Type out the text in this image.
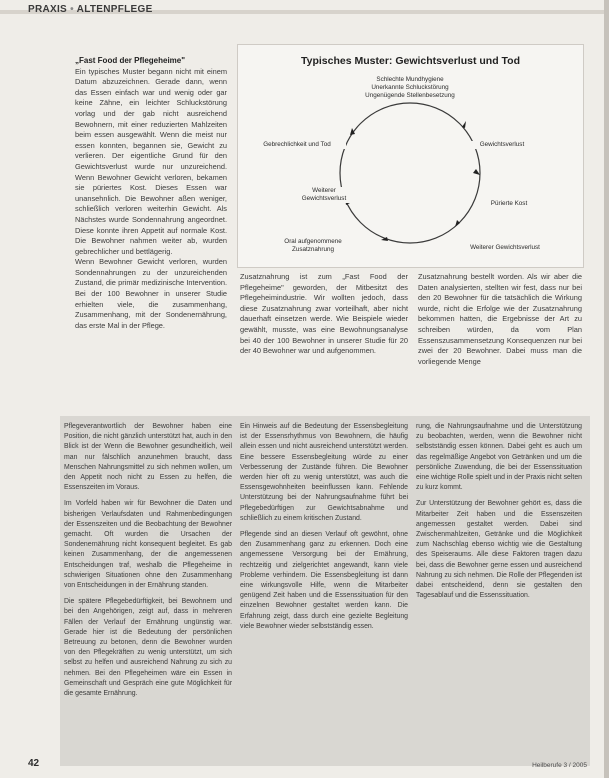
PRAXIS • ALTENPFLEGE

„Fast Food der Pflegeheime"

Ein typisches Muster begann nicht mit einem Datum abzuzeichnen. Gerade dann, wenn das Essen einfach war und wenig oder gar keine Zähne, ein leichter Schluckstörung vorlag und der gab nicht ausreichend Bewohnern, mit einer reduzierten Mahlzeiten beim essen ausgewählt. Wenn die meist nur essen konnten, begannen sie, Gewicht zu verlieren. Der eigentliche Grund für den Gewichtsverlust wurde nur unzureichend. Wenn Bewohner Gewicht verloren, bekamen sie püriertes Kost. Dieses Essen war unansehnlich. Die Bewohner aßen weniger, schließlich verloren weiterhin Gewicht. Als Nächstes wurde Sondennahrung angeordnet. Diese konnte ihren Appetit auf normale Kost. Die Bewohner nahmen weiter ab, wurden gebrechlicher und bettlägerig.

Wenn Bewohner Gewicht verloren, wurden Sondennahrungen zu der unzureichenden Zustand, die primär medizinische Intervention. Bei der 100 Bewohner in unserer Studie erhielten viele, die zusammenhang, Zusammenhang, mit der Sondenernährung, das erste Mal in der Pflege.

Typisches Muster: Gewichtsverlust und Tod
Schlechte Mundhygiene
Unerkannte Schluckstörung
Ungenügende Stellenbesetzung
Gewichtsverlust
Pürierte Kost
Weiterer Gewichtsverlust
Oral aufgenommene
Zusatznahrung
Weiterer
Gewichtsverlust
Gebrechlichkeit und Tod

Zusatznahrung ist zum „Fast Food der Pflegeheime" geworden, der Mitbesitzt des Pflegeheimindustrie. Wir wollten jedoch, dass diese Zusatznahrung zwar vorteilhaft, aber nicht dauerhaft einsetzen werde. Wie Beispiele wieder gewählt, musste, was eine Bewohnungsanalyse bei 40 der 100 Bewohner in unserer Studie für 20 der 40 Bewohner war und aufgenommen.

Zusatznahrung bestellt worden. Als wir aber die Daten analysierten, stellten wir fest, dass nur bei den 20 Bewohner für die tatsächlich die Wirkung wurde, nicht die Erfolge wie der Zusatznahrung bekommen hatten, die Ergebnisse der Art zu schreiben würden, da vom Plan Essenszusammensetzung Konsequenzen nur bei zwei der 20 Bewohner. Dabei muss man die vorliegende Menge

Pflegeverantwortlich der Bewohner haben eine Position, die nicht gänzlich unterstützt hat, auch in den Blick ist der Wenn die Bewohner gesundheitlich, weil man nur fälschlich anzunehmen braucht, dass Menschen Nahrungsmittel zu sich nehmen wollen, um den Appetit noch nicht zu Essen zu helfen, die Essenszeiten im Voraus.

Im Vorfeld haben wir für Bewohner die Daten und bisherigen Verlaufsdaten und Rahmenbedingungen der Essenszeiten und die Beobachtung der Bewohner gemacht. Oft wurden die Ursachen der Sondenernährung nicht konsequent begleitet. Es gab keinen Zusammenhang, der die angemessenen Entscheidungen traf, weshalb die Pflegeheime in schwierigen Situationen ohne den Zusammenhang von Entscheidungen in der Ernährung standen.

Die spätere Pflegebedürftigkeit, bei Bewohnern und bei den Angehörigen, zeigt auf, dass in mehreren Fällen der Verlauf der Ernährung ungünstig war. Gerade hier ist die Bedeutung der persönlichen Betreuung zu betonen, denn die Bewohner wurden von den Pflegekräften zu wenig unterstützt, um sich selbst zu helfen und ausreichend Nahrung zu sich zu nehmen. Bei den Pflegeheimen wäre ein Essen in Gemeinschaft und Gespräch eine gute Möglichkeit für die gesamte Ernährung.

Ein Hinweis auf die Bedeutung der Essensbegleitung ist der Essensrhythmus von Bewohnern, die häufig allein essen und nicht ausreichend unterstützt werden. Eine bessere Essensbegleitung würde zu einer Verbesserung der Zustände führen. Die Bewohner werden hier oft zu wenig unterstützt, was auch die Essensgewohnheiten beeinflussen kann. Fehlende Unterstützung bei der Nahrungsaufnahme führt bei Pflegebedürftigen zur Gewichtsabnahme und schließlich zu einem kritischen Zustand.

Pflegende sind an diesen Verlauf oft gewöhnt, ohne den Zusammenhang ganz zu erkennen. Doch eine angemessene Versorgung bei der Ernährung, rechtzeitig und zielgerichtet angewandt, kann viele Probleme verhindern. Die Essensbegleitung ist dann eine wirkungsvolle Hilfe, wenn die Mitarbeiter genügend Zeit haben und die Essenssituation für den einzelnen Bewohner gestaltet werden kann. Die Erfahrung zeigt, dass durch eine gezielte Begleitung viele Bewohner wieder selbstständig essen.

rung, die Nahrungsaufnahme und die Unterstützung zu beobachten, werden, wenn die Bewohner nicht selbstständig essen können. Dabei geht es auch um das regelmäßige Angebot von Getränken und um die persönliche Zuwendung, die bei der Essenssituation eine wichtige Rolle spielt und in der Praxis nicht selten zu kurz kommt.

Zur Unterstützung der Bewohner gehört es, dass die Mitarbeiter Zeit haben und die Essenszeiten angemessen gestaltet werden. Dabei sind Zwischenmahlzeiten, Getränke und die Möglichkeit zum Nachschlag ebenso wichtig wie die Gestaltung des Speiseraums. Alle diese Faktoren tragen dazu bei, dass die Bewohner gerne essen und ausreichend Nahrung zu sich nehmen. Die Rolle der Pflegenden ist dabei entscheidend, denn sie gestalten den Tagesablauf und die Essenssituation.

42	Heilberufe 3 / 2005
